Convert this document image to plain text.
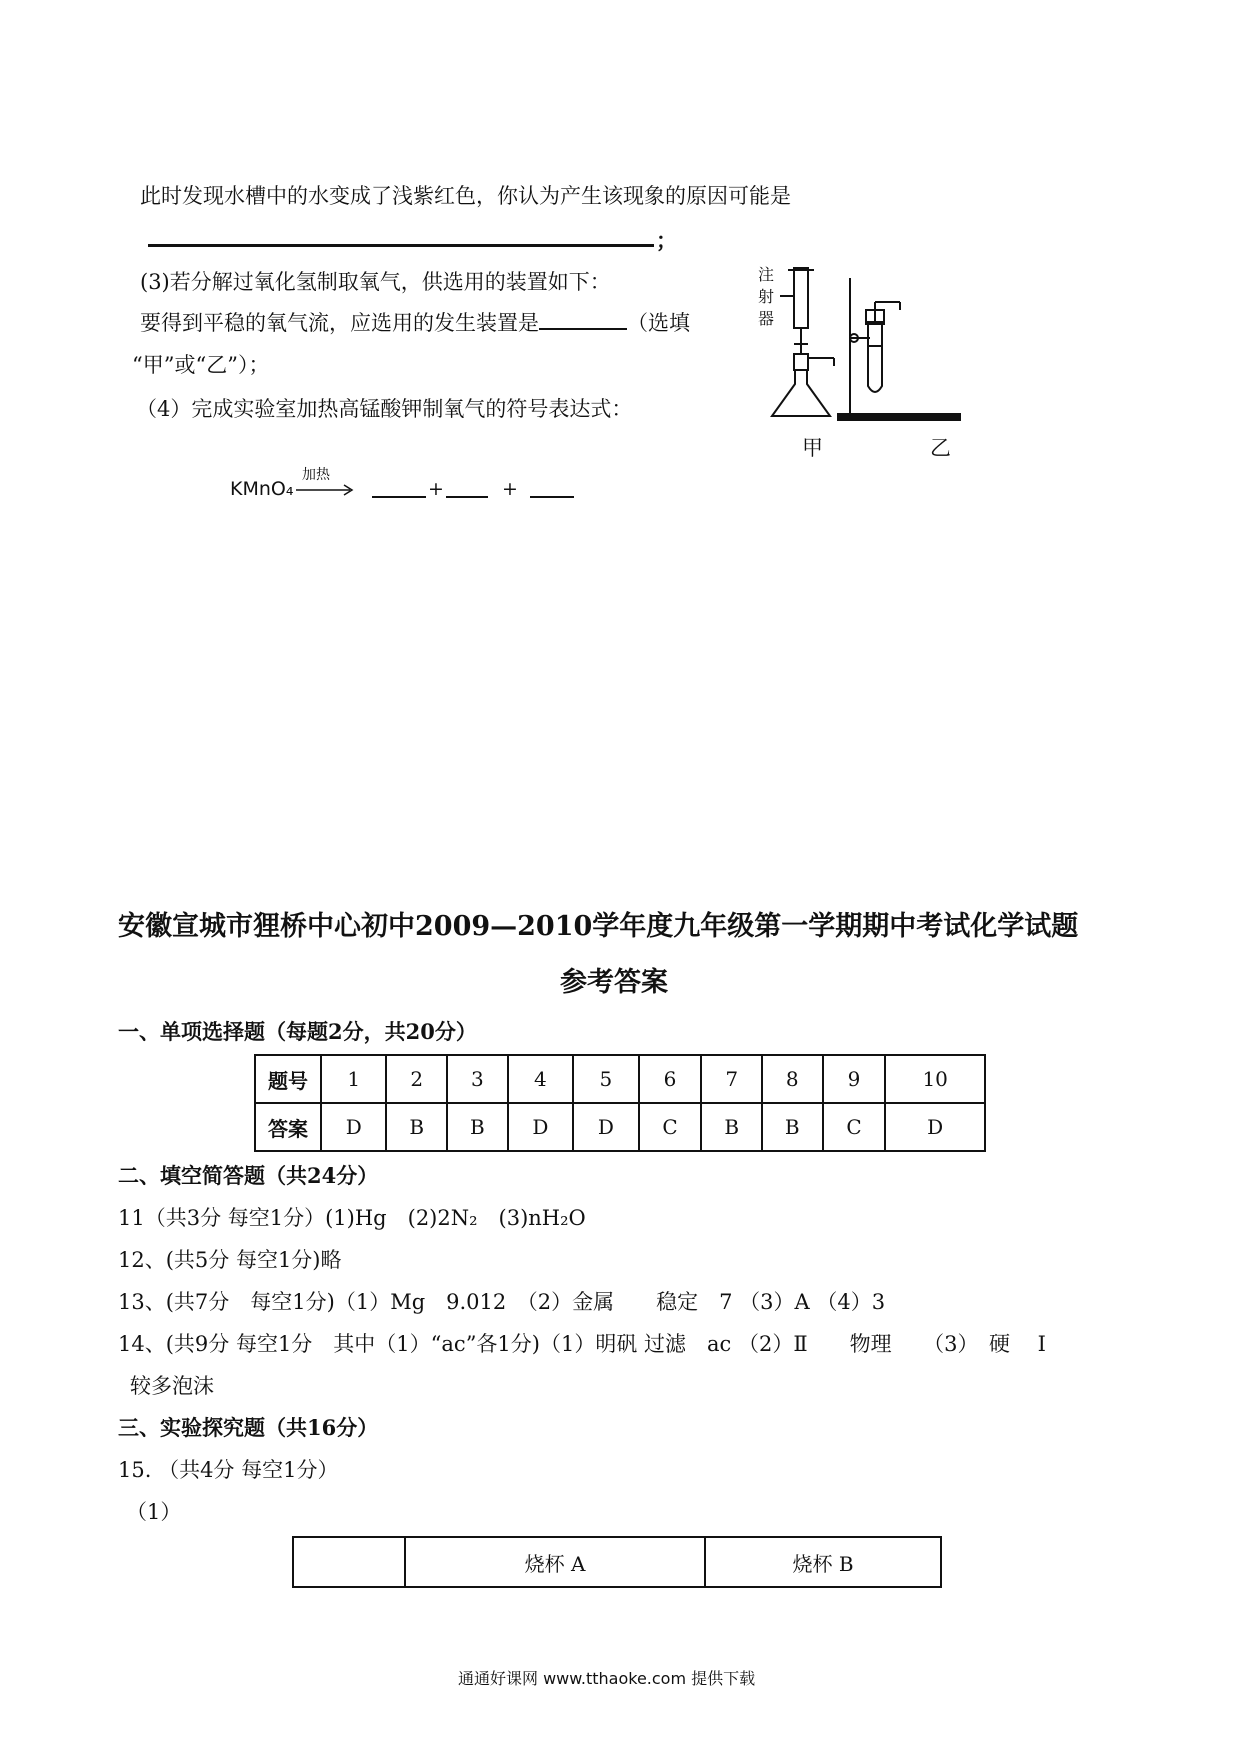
此时发现水槽中的水变成了浅紫红色，你认为产生该现象的原因可能是
；
(3)若分解过氧化氢制取氧气，供选用的装置如下：
要得到平稳的氧气流，应选用的发生装置是	（选填
“甲”或“乙”）；
（4）完成实验室加热高锰酸钾制氧气的符号表达式：
KMnO₄
加热
+	+
注
射
器
甲	乙
安徽宣城市狸桥中心初中2009—2010学年度九年级第一学期期中考试化学试题
参考答案
一、单项选择题（每题2分，共20分）
题号	1	2	3	4	5	6	7	8	9	10
答案	D	B	B	D	D	C	B	B	C	D
二、填空简答题（共24分）
11（共3分 每空1分）(1)Hg　(2)2N₂　(3)nH₂O
12、(共5分 每空1分)略
13、(共7分　每空1分)（1）Mg　9.012　（2）金属　　稳定　7 （3）A （4）3
14、(共9分 每空1分　其中（1）“ac”各1分)（1）明矾 过滤　ac （2）Ⅱ　　物理　　（3）　硬　 Ⅰ
较多泡沫
三、实验探究题（共16分）
15. （共4分 每空1分）
（1）
	烧杯 A	烧杯 B
通通好课网 www.tthaoke.com 提供下载
